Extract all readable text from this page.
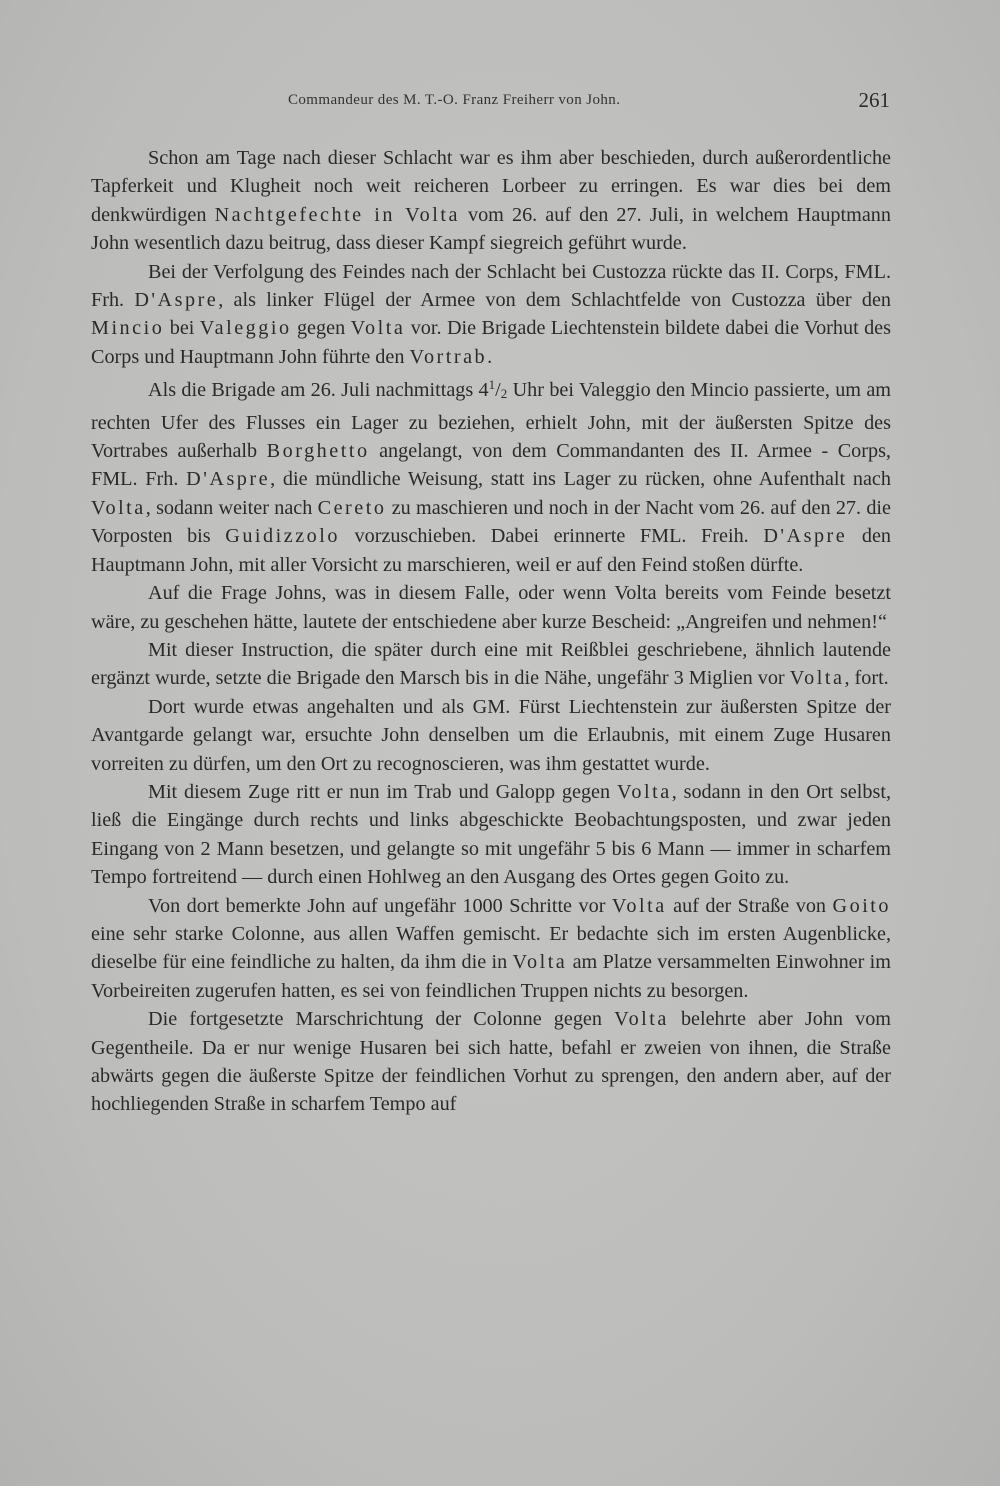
Commandeur des M. T.-O. Franz Freiherr von John.	261

Schon am Tage nach dieser Schlacht war es ihm aber beschieden, durch außerordentliche Tapferkeit und Klugheit noch weit reicheren Lorbeer zu erringen. Es war dies bei dem denkwürdigen Nachtgefechte in Volta vom 26. auf den 27. Juli, in welchem Hauptmann John wesentlich dazu beitrug, dass dieser Kampf siegreich geführt wurde.

Bei der Verfolgung des Feindes nach der Schlacht bei Custozza rückte das II. Corps, FML. Frh. D'Aspre, als linker Flügel der Armee von dem Schlachtfelde von Custozza über den Mincio bei Valeggio gegen Volta vor. Die Brigade Liechtenstein bildete dabei die Vorhut des Corps und Hauptmann John führte den Vortrab.

Als die Brigade am 26. Juli nachmittags $4^1/2$ Uhr bei Valeggio den Mincio passierte, um am rechten Ufer des Flusses ein Lager zu beziehen, erhielt John, mit der äußersten Spitze des Vortrabes außerhalb Borghetto angelangt, von dem Commandanten des II. Armee - Corps, FML. Frh. D'Aspre, die mündliche Weisung, statt ins Lager zu rücken, ohne Aufenthalt nach Volta, sodann weiter nach Cereto zu maschieren und noch in der Nacht vom 26. auf den 27. die Vorposten bis Guidizzolo vorzuschieben. Dabei erinnerte FML. Freih. D'Aspre den Hauptmann John, mit aller Vorsicht zu marschieren, weil er auf den Feind stoßen dürfte.

Auf die Frage Johns, was in diesem Falle, oder wenn Volta bereits vom Feinde besetzt wäre, zu geschehen hätte, lautete der entschiedene aber kurze Bescheid: „Angreifen und nehmen!“

Mit dieser Instruction, die später durch eine mit Reißblei geschriebene, ähnlich lautende ergänzt wurde, setzte die Brigade den Marsch bis in die Nähe, ungefähr 3 Miglien vor Volta, fort.

Dort wurde etwas angehalten und als GM. Fürst Liechtenstein zur äußersten Spitze der Avantgarde gelangt war, ersuchte John denselben um die Erlaubnis, mit einem Zuge Husaren vorreiten zu dürfen, um den Ort zu recognoscieren, was ihm gestattet wurde.

Mit diesem Zuge ritt er nun im Trab und Galopp gegen Volta, sodann in den Ort selbst, ließ die Eingänge durch rechts und links abgeschickte Beobachtungsposten, und zwar jeden Eingang von 2 Mann besetzen, und gelangte so mit ungefähr 5 bis 6 Mann — immer in scharfem Tempo fortreitend — durch einen Hohlweg an den Ausgang des Ortes gegen Goito zu.

Von dort bemerkte John auf ungefähr 1000 Schritte vor Volta auf der Straße von Goito eine sehr starke Colonne, aus allen Waffen gemischt. Er bedachte sich im ersten Augenblicke, dieselbe für eine feindliche zu halten, da ihm die in Volta am Platze versammelten Einwohner im Vorbeireiten zugerufen hatten, es sei von feindlichen Truppen nichts zu besorgen.

Die fortgesetzte Marschrichtung der Colonne gegen Volta belehrte aber John vom Gegentheile. Da er nur wenige Husaren bei sich hatte, befahl er zweien von ihnen, die Straße abwärts gegen die äußerste Spitze der feindlichen Vorhut zu sprengen, den andern aber, auf der hochliegenden Straße in scharfem Tempo auf
